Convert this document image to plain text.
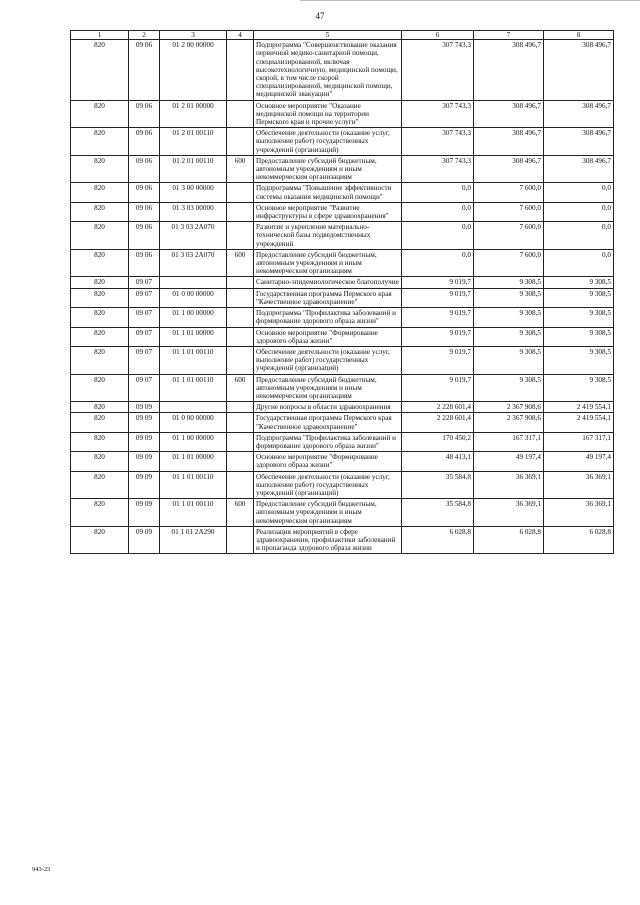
47
1	2	3	4	5	6	7	8
820	09 06	01 2 00 00000		Подпрограмма "Совершенствование оказания первичной медико-санитарной помощи, специализированной, включая высокотехнологичную, медицинской помощи, скорой, в том числе скорой специализированной, медицинской помощи, медицинской эвакуации"	307 743,3	308 496,7	308 496,7
820	09 06	01 2 01 00000		Основное мероприятие "Оказание медицинской помощи на территории Пермского края и прочие услуги"	307 743,3	308 496,7	308 496,7
820	09 06	01 2 01 00110		Обеспечение деятельности (оказание услуг, выполнение работ) государственных учреждений (организаций)	307 743,3	308 496,7	308 496,7
820	09 06	01 2 01 00110	600	Предоставление субсидий бюджетным, автономным учреждениям и иным некоммерческим организациям	307 743,3	308 496,7	308 496,7
820	09 06	01 3 00 00000		Подпрограмма "Повышение эффективности системы оказания медицинской помощи"	0,0	7 600,0	0,0
820	09 06	01 3 03 00000		Основное мероприятие "Развитие инфраструктуры в сфере здравоохранения"	0,0	7 600,0	0,0
820	09 06	01 3 03 2А070		Развитие и укрепление материально-технической базы подведомственных учреждений	0,0	7 600,0	0,0
820	09 06	01 3 03 2А070	600	Предоставление субсидий бюджетным, автономным учреждениям и иным некоммерческим организациям	0,0	7 600,0	0,0
820	09 07			Санитарно-эпидемиологическое благополучие	9 019,7	9 308,5	9 308,5
820	09 07	01 0 00 00000		Государственная программа Пермского края "Качественное здравоохранение"	9 019,7	9 308,5	9 308,5
820	09 07	01 1 00 00000		Подпрограмма "Профилактика заболеваний и формирование здорового образа жизни"	9 019,7	9 308,5	9 308,5
820	09 07	01 1 01 00000		Основное мероприятие "Формирование здорового образа жизни"	9 019,7	9 308,5	9 308,5
820	09 07	01 1 01 00110		Обеспечение деятельности (оказание услуг, выполнение работ) государственных учреждений (организаций)	9 019,7	9 308,5	9 308,5
820	09 07	01 1 01 00110	600	Предоставление субсидий бюджетным, автономным учреждениям и иным некоммерческим организациям	9 019,7	9 308,5	9 308,5
820	09 09			Другие вопросы в области здравоохранения	2 228 601,4	2 367 908,6	2 419 554,1
820	09 09	01 0 00 00000		Государственная программа Пермского края "Качественное здравоохранение"	2 228 601,4	2 367 908,6	2 419 554,1
820	09 09	01 1 00 00000		Подпрограмма "Профилактика заболеваний и формирование здорового образа жизни"	170 450,2	167 317,1	167 317,1
820	09 09	01 1 01 00000		Основное мероприятие "Формирование здорового образа жизни"	48 413,1	49 197,4	49 197,4
820	09 09	01 1 01 00110		Обеспечение деятельности (оказание услуг, выполнение работ) государственных учреждений (организаций)	35 584,8	36 369,1	36 369,1
820	09 09	01 1 01 00110	600	Предоставление субсидий бюджетным, автономным учреждениям и иным некоммерческим организациям	35 584,8	36 369,1	36 369,1
820	09 09	01 1 01 2А290		Реализация мероприятий в сфере здравоохранения, профилактики заболеваний и пропаганда здорового образа жизни	6 028,8	6 028,8	6 028,8
943-23
